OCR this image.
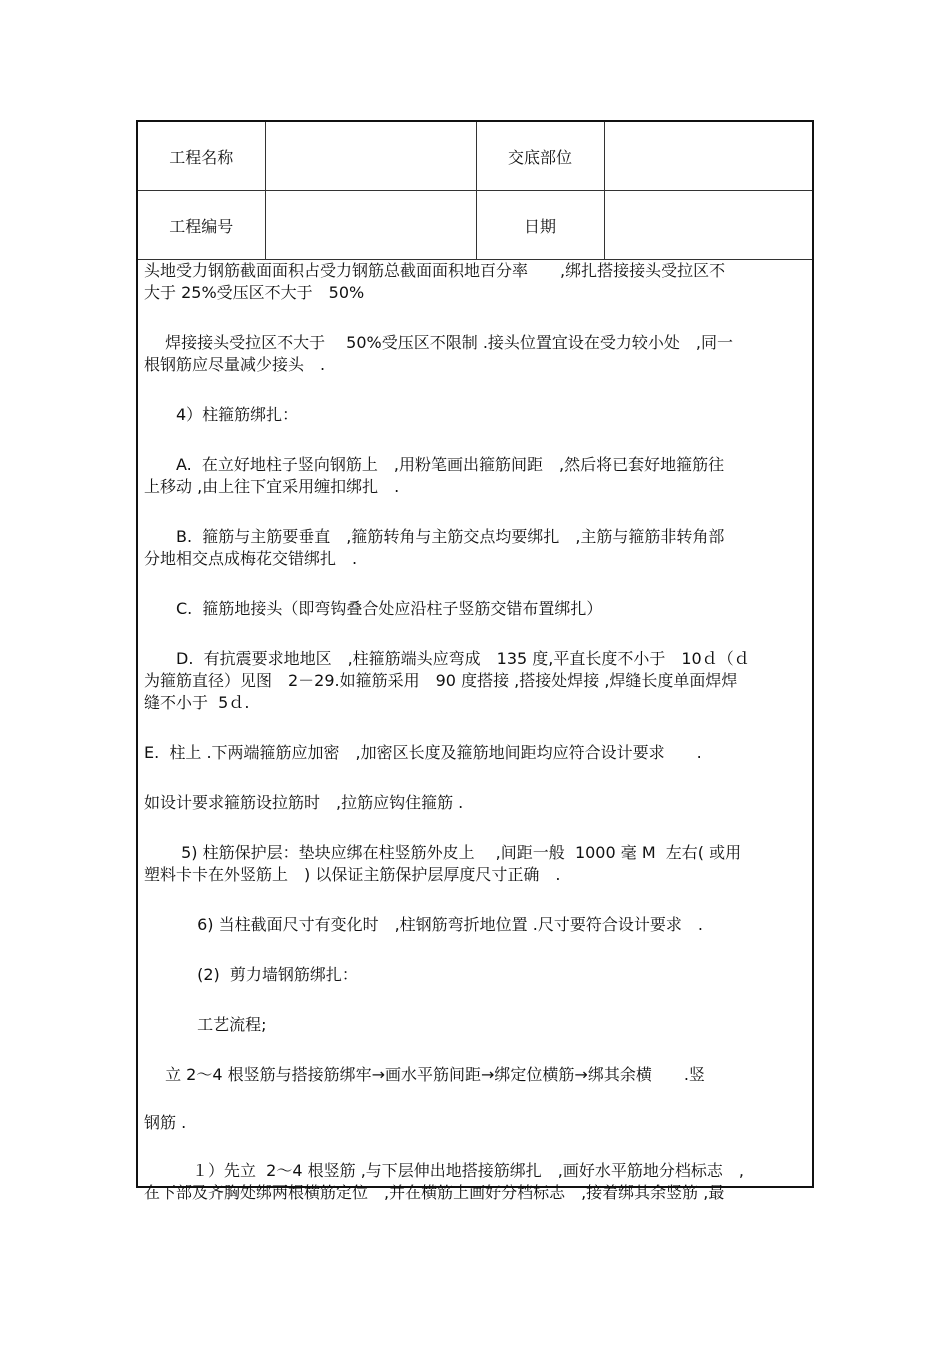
工程名称		交底部位	
工程编号		日期	

头地受力钢筋截面面积占受力钢筋总截面面积地百分率　　,绑扎搭接接头受拉区不
大于 25%受压区不大于　50%

　 焊接接头受拉区不大于　 50%受压区不限制 .接头位置宜设在受力较小处　,同一
根钢筋应尽量减少接头　.

　　4）柱箍筋绑扎：

　　A.  在立好地柱子竖向钢筋上　,用粉笔画出箍筋间距　,然后将已套好地箍筋往
上移动 ,由上往下宜采用缠扣绑扎　.

　　B.  箍筋与主筋要垂直　,箍筋转角与主筋交点均要绑扎　,主筋与箍筋非转角部
分地相交点成梅花交错绑扎　.

　　C.  箍筋地接头（即弯钩叠合处应沿柱子竖筋交错布置绑扎）

　　D.  有抗震要求地地区　,柱箍筋端头应弯成　135 度,平直长度不小于　10ｄ（ｄ
为箍筋直径）见图　2－29.如箍筋采用　90 度搭接 ,搭接处焊接 ,焊缝长度单面焊焊
缝不小于  5ｄ.

E.  柱上 .下两端箍筋应加密　,加密区长度及箍筋地间距均应符合设计要求　　.

如设计要求箍筋设拉筋时　,拉筋应钩住箍筋 .

　　 5) 柱筋保护层：垫块应绑在柱竖筋外皮上　 ,间距一般  1000 毫 M  左右( 或用
塑料卡卡在外竖筋上　) 以保证主筋保护层厚度尺寸正确　.

　　　 6) 当柱截面尺寸有变化时　,柱钢筋弯折地位置 .尺寸要符合设计要求　.

　　　 (2)  剪力墙钢筋绑扎：

　　　 工艺流程;

　 立 2～4 根竖筋与搭接筋绑牢→画水平筋间距→绑定位横筋→绑其余横　　.竖

钢筋 .

　　　１）先立  2～4 根竖筋 ,与下层伸出地搭接筋绑扎　,画好水平筋地分档标志　,
在下部及齐胸处绑两根横筋定位　,并在横筋上画好分档标志　,接着绑其余竖筋 ,最
